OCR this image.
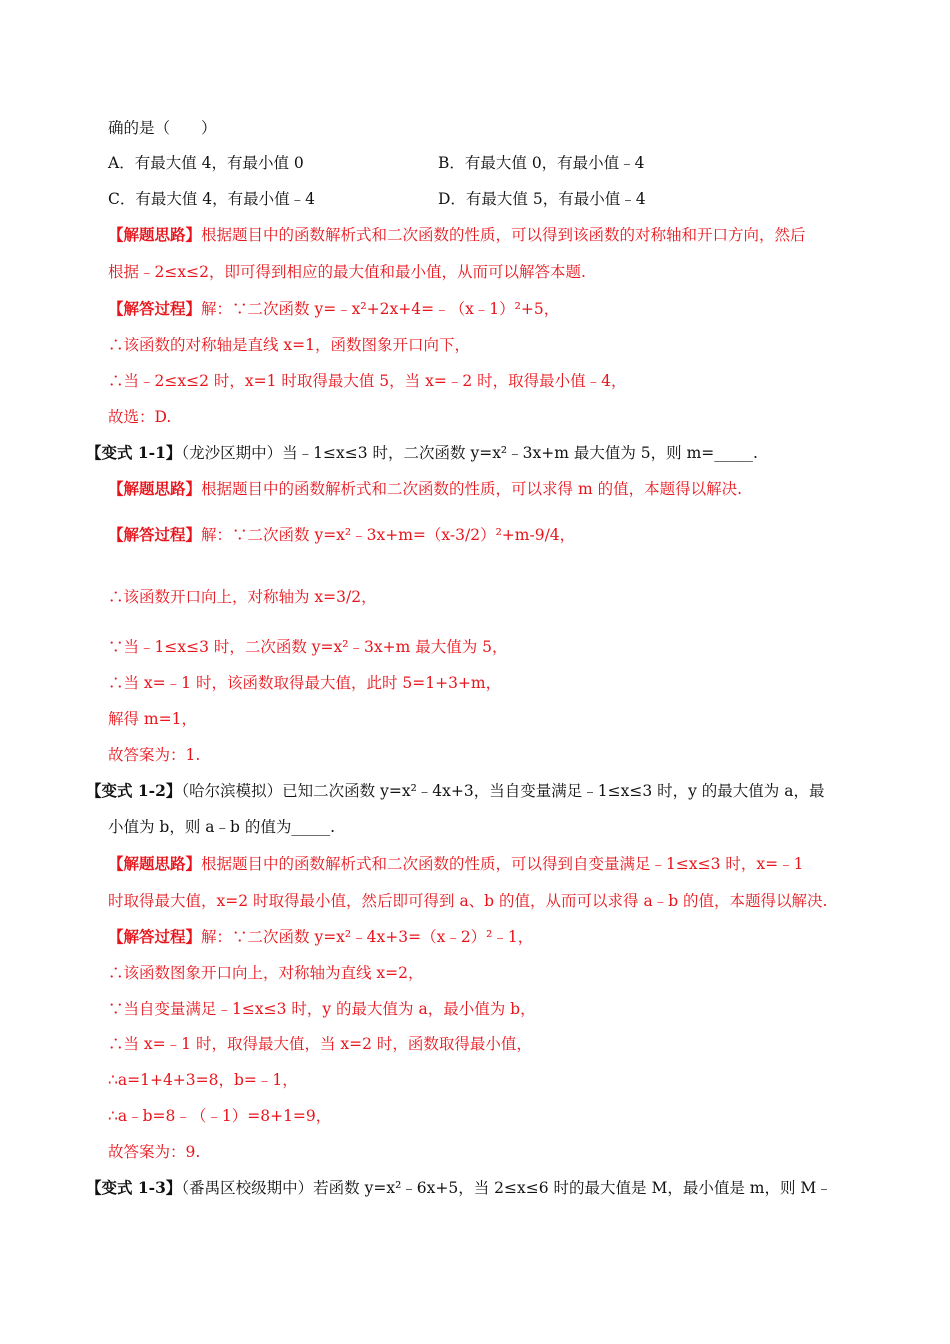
确的是（　　）
A．有最大值 4，有最小值 0	B．有最大值 0，有最小值﹣4
C．有最大值 4，有最小值﹣4	D．有最大值 5，有最小值﹣4
【解题思路】根据题目中的函数解析式和二次函数的性质，可以得到该函数的对称轴和开口方向，然后
根据﹣2≤x≤2，即可得到相应的最大值和最小值，从而可以解答本题.
【解答过程】解：∵二次函数 y=﹣x²+2x+4=﹣（x﹣1）²+5，
∴该函数的对称轴是直线 x=1，函数图象开口向下，
∴当﹣2≤x≤2 时，x=1 时取得最大值 5，当 x=﹣2 时，取得最小值﹣4，
故选：D.
【变式 1-1】（龙沙区期中）当﹣1≤x≤3 时，二次函数 y=x²﹣3x+m 最大值为 5，则 m=_____.
【解题思路】根据题目中的函数解析式和二次函数的性质，可以求得 m 的值，本题得以解决.
【解答过程】解：∵二次函数 y=x²﹣3x+m=（x-3/2）²+m-9/4，
∴该函数开口向上，对称轴为 x=3/2，
∵当﹣1≤x≤3 时，二次函数 y=x²﹣3x+m 最大值为 5，
∴当 x=﹣1 时，该函数取得最大值，此时 5=1+3+m，
解得 m=1，
故答案为：1.
【变式 1-2】（哈尔滨模拟）已知二次函数 y=x²﹣4x+3，当自变量满足﹣1≤x≤3 时，y 的最大值为 a，最
小值为 b，则 a﹣b 的值为_____.
【解题思路】根据题目中的函数解析式和二次函数的性质，可以得到自变量满足﹣1≤x≤3 时，x=﹣1
时取得最大值，x=2 时取得最小值，然后即可得到 a、b 的值，从而可以求得 a﹣b 的值，本题得以解决.
【解答过程】解：∵二次函数 y=x²﹣4x+3=（x﹣2）²﹣1，
∴该函数图象开口向上，对称轴为直线 x=2，
∵当自变量满足﹣1≤x≤3 时，y 的最大值为 a，最小值为 b，
∴当 x=﹣1 时，取得最大值，当 x=2 时，函数取得最小值，
∴a=1+4+3=8，b=﹣1，
∴a﹣b=8﹣（﹣1）=8+1=9，
故答案为：9.
【变式 1-3】（番禺区校级期中）若函数 y=x²﹣6x+5，当 2≤x≤6 时的最大值是 M，最小值是 m，则 M﹣
